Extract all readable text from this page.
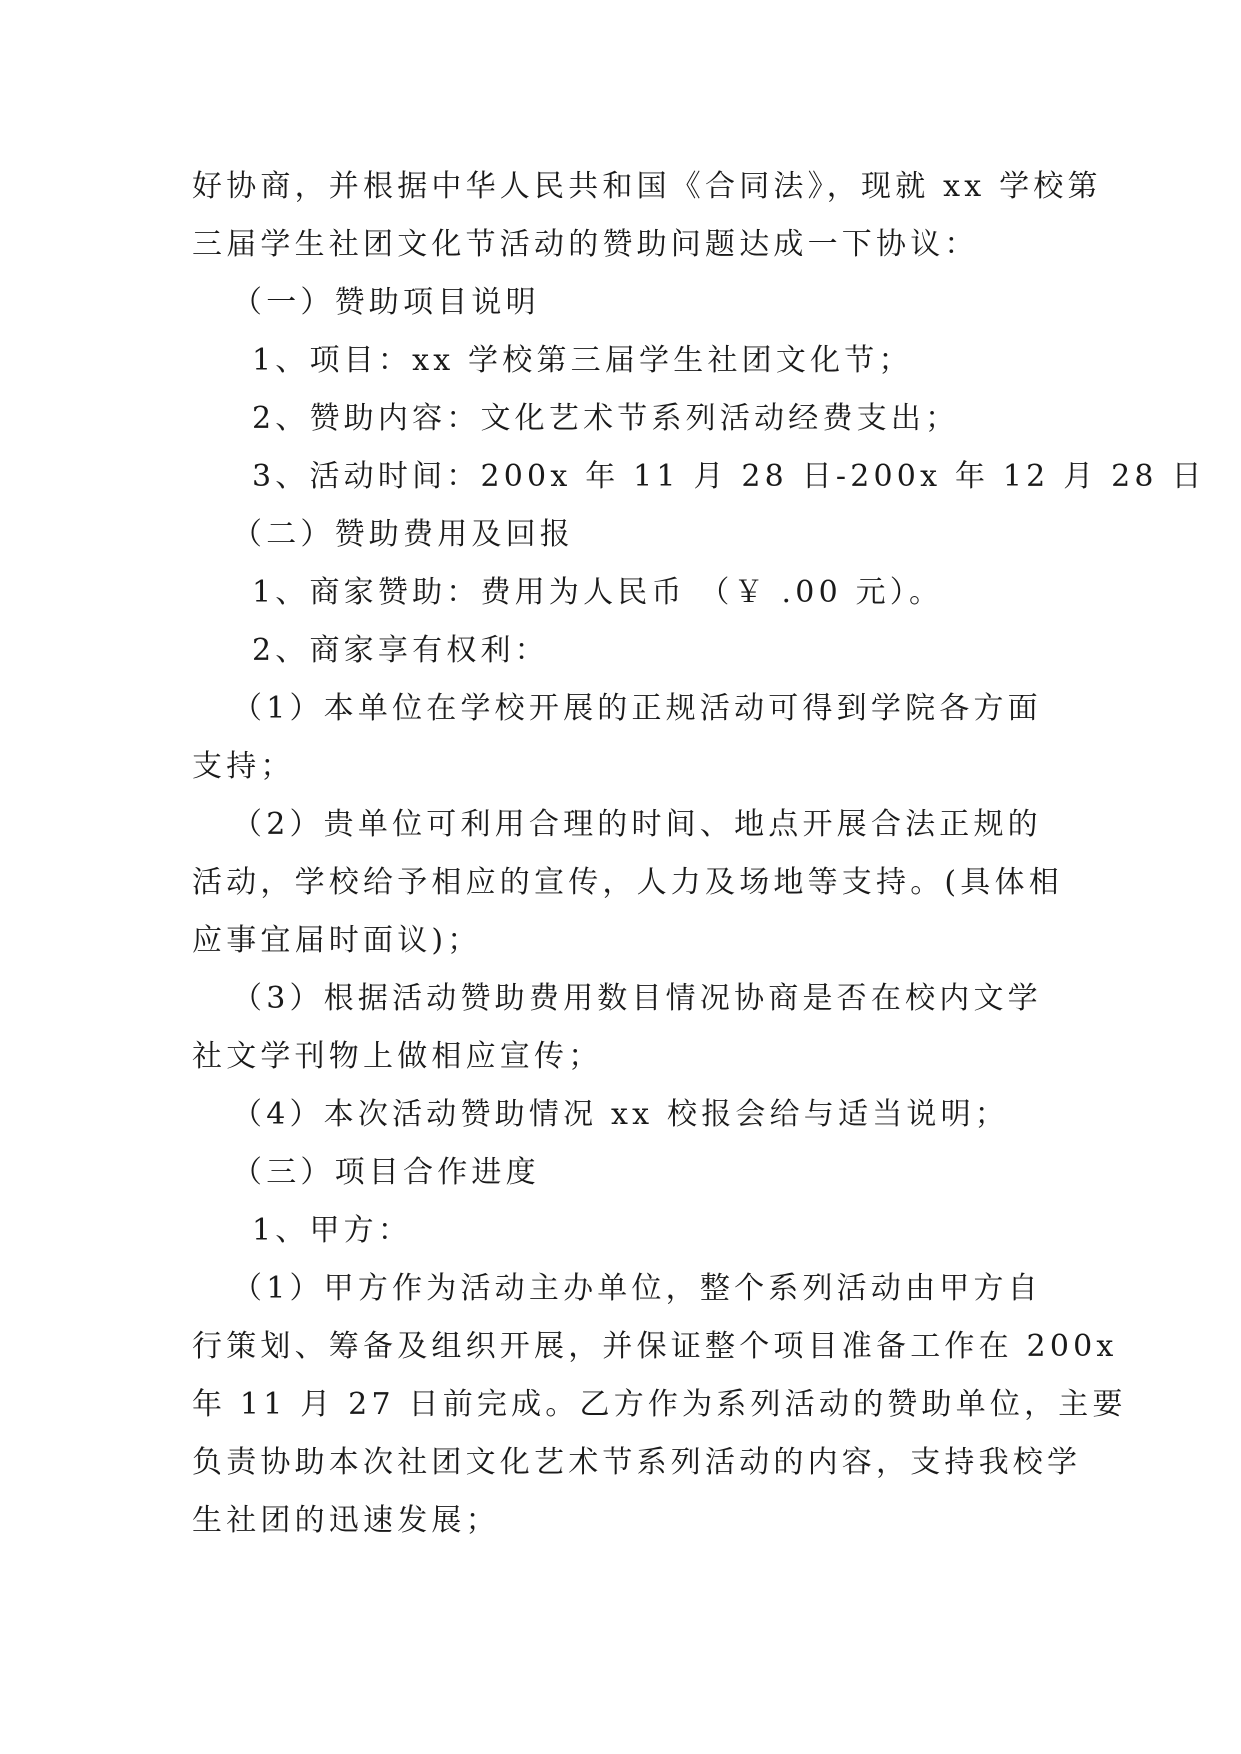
好协商，并根据中华人民共和国《合同法》，现就 xx 学校第
三届学生社团文化节活动的赞助问题达成一下协议：
（一）赞助项目说明
1、项目：xx 学校第三届学生社团文化节；
2、赞助内容：文化艺术节系列活动经费支出；
3、活动时间：200x 年 11 月 28 日-200x 年 12 月 28 日
（二）赞助费用及回报
1、商家赞助：费用为人民币 （￥ .00 元）。
2、商家享有权利：
（1）本单位在学校开展的正规活动可得到学院各方面
支持；
（2）贵单位可利用合理的时间、地点开展合法正规的
活动，学校给予相应的宣传，人力及场地等支持。(具体相
应事宜届时面议)；
（3）根据活动赞助费用数目情况协商是否在校内文学
社文学刊物上做相应宣传；
（4）本次活动赞助情况 xx 校报会给与适当说明；
（三）项目合作进度
1、甲方：
（1）甲方作为活动主办单位，整个系列活动由甲方自
行策划、筹备及组织开展，并保证整个项目准备工作在 200x
年 11 月 27 日前完成。乙方作为系列活动的赞助单位，主要
负责协助本次社团文化艺术节系列活动的内容，支持我校学
生社团的迅速发展；
